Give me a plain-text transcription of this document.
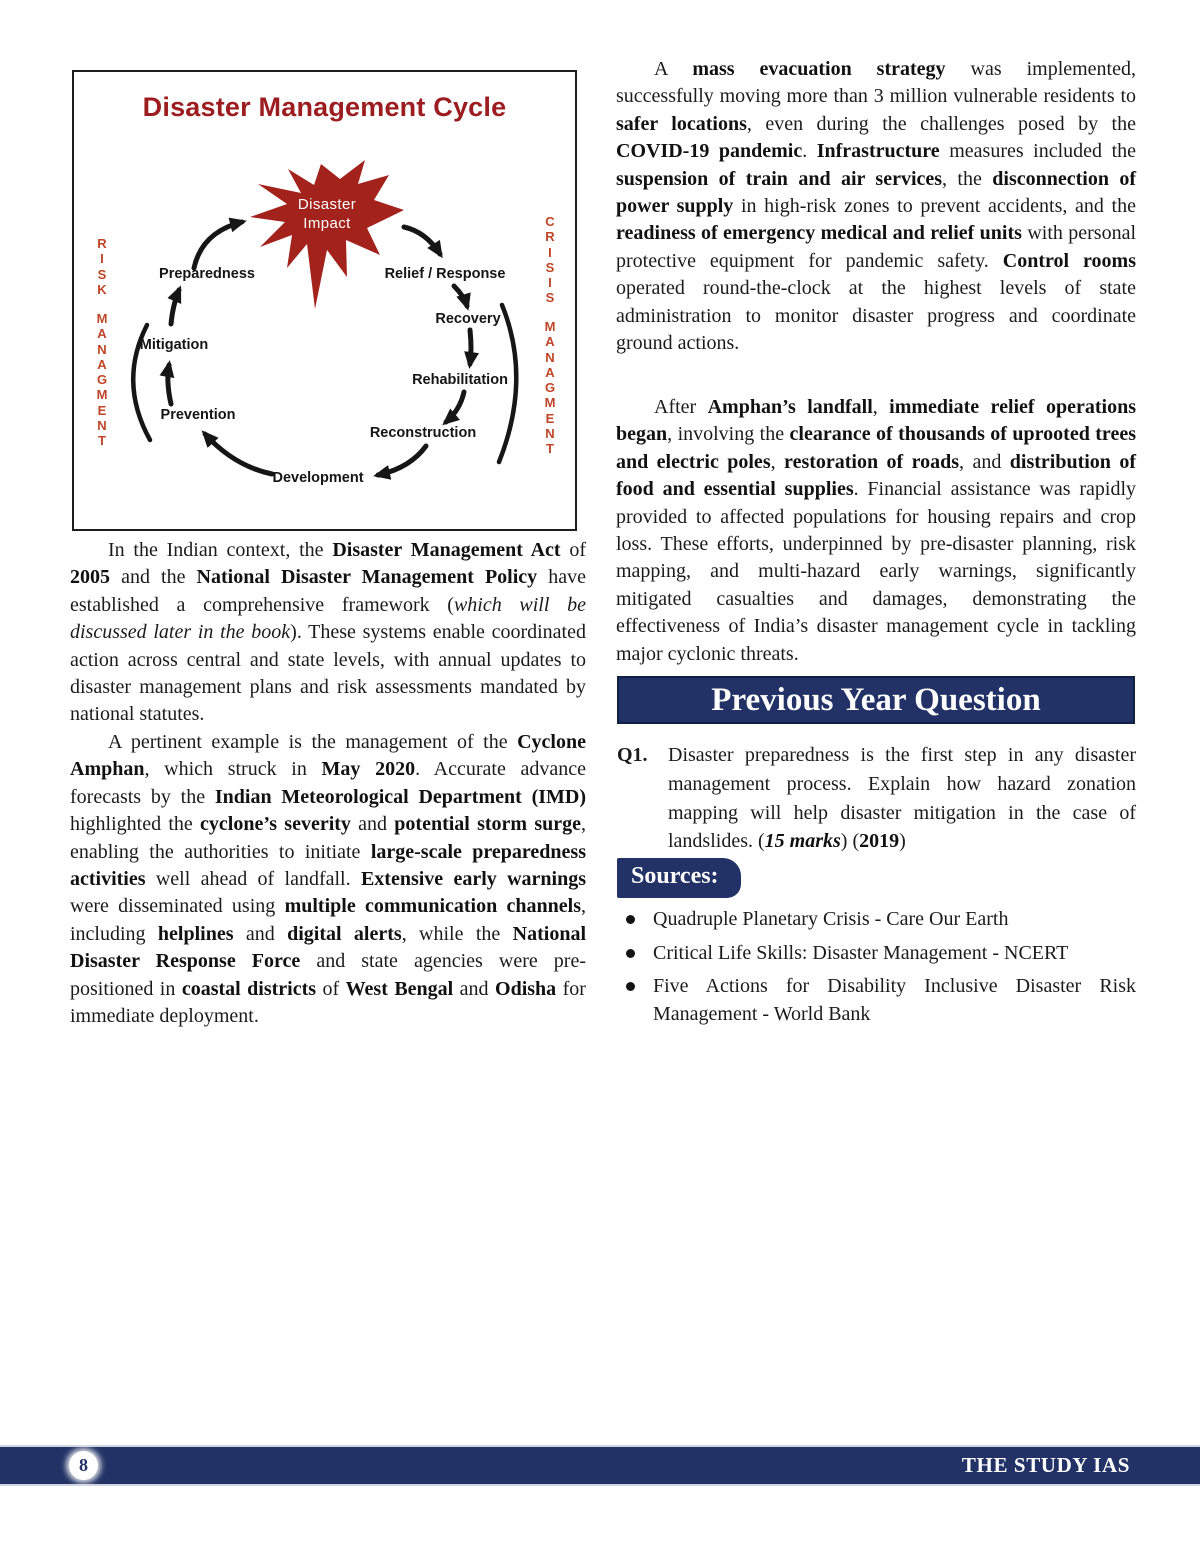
Disaster Management Cycle
Disaster
Impact
Preparedness	Relief / Response
Recovery
Rehabilitation
Reconstruction
Development
Prevention
Mitigation
R
I
S
K
M
A
N
A
G
M
E
N
T
C
R
I
S
I
S
M
A
N
A
G
M
E
N
T

In the Indian context, the Disaster Management Act of 2005 and the National Disaster Management Policy have established a comprehensive framework (which will be discussed later in the book). These systems enable coordinated action across central and state levels, with annual updates to disaster management plans and risk assessments mandated by national statutes.

A pertinent example is the management of the Cyclone Amphan, which struck in May 2020. Accurate advance forecasts by the Indian Meteorological Department (IMD) highlighted the cyclone’s severity and potential storm surge, enabling the authorities to initiate large-scale preparedness activities well ahead of landfall. Extensive early warnings were disseminated using multiple communication channels, including helplines and digital alerts, while the National Disaster Response Force and state agencies were pre-positioned in coastal districts of West Bengal and Odisha for immediate deployment.

A mass evacuation strategy was implemented, successfully moving more than 3 million vulnerable residents to safer locations, even during the challenges posed by the COVID-19 pandemic. Infrastructure measures included the suspension of train and air services, the disconnection of power supply in high-risk zones to prevent accidents, and the readiness of emergency medical and relief units with personal protective equipment for pandemic safety. Control rooms operated round-the-clock at the highest levels of state administration to monitor disaster progress and coordinate ground actions.

After Amphan’s landfall, immediate relief operations began, involving the clearance of thousands of uprooted trees and electric poles, restoration of roads, and distribution of food and essential supplies. Financial assistance was rapidly provided to affected populations for housing repairs and crop loss. These efforts, underpinned by pre-disaster planning, risk mapping, and multi-hazard early warnings, significantly mitigated casualties and damages, demonstrating the effectiveness of India’s disaster management cycle in tackling major cyclonic threats.

Previous Year Question
Q1.	Disaster preparedness is the first step in any disaster management process. Explain how hazard zonation mapping will help disaster mitigation in the case of landslides. (15 marks) (2019)
Sources:
Quadruple Planetary Crisis - Care Our Earth
Critical Life Skills: Disaster Management - NCERT
Five Actions for Disability Inclusive Disaster Risk Management - World Bank
8	THE STUDY IAS
